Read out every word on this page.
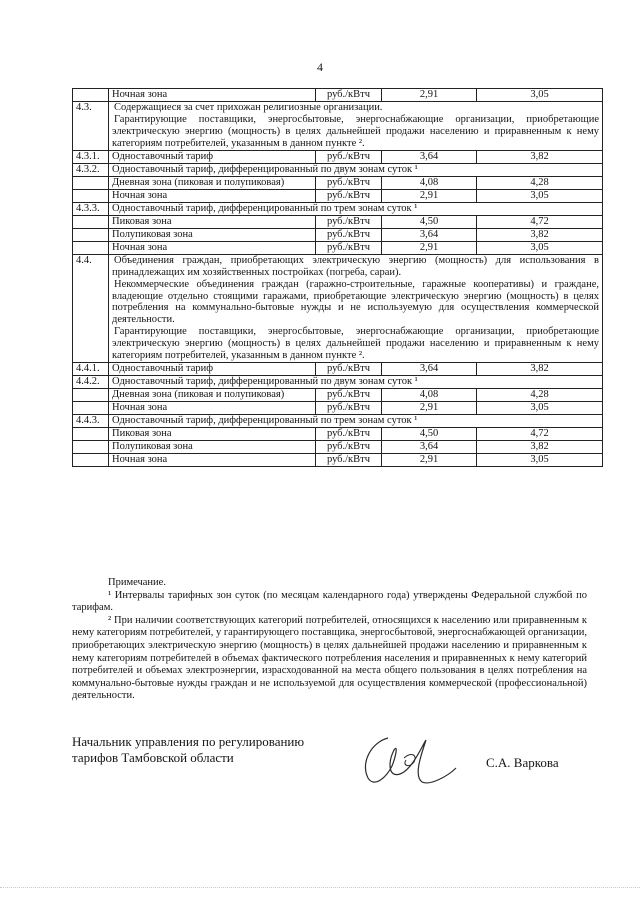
4
	Ночная зона	руб./кВтч	2,91	3,05
4.3.	Содержащиеся за счет прихожан религиозные организации.

Гарантирующие поставщики, энергосбытовые, энергоснабжающие организации, приобретающие электрическую энергию (мощность) в целях дальнейшей продажи населению и приравненным к нему категориям потребителей, указанным в данном пункте ².			

4.3.1.	Одноставочный тариф	руб./кВтч	3,64	3,82
4.3.2.	Одноставочный тариф, дифференцированный по двум зонам суток ¹			
	Дневная зона (пиковая и полупиковая)	руб./кВтч	4,08	4,28
	Ночная зона	руб./кВтч	2,91	3,05
4.3.3.	Одноставочный тариф, дифференцированный по трем зонам суток ¹			
	Пиковая зона	руб./кВтч	4,50	4,72
	Полупиковая зона	руб./кВтч	3,64	3,82
	Ночная зона	руб./кВтч	2,91	3,05
4.4.	Объединения граждан, приобретающих электрическую энергию (мощность) для использования в принадлежащих им хозяйственных постройках (погреба, сараи).

Некоммерческие объединения граждан (гаражно-строительные, гаражные кооперативы) и граждане, владеющие отдельно стоящими гаражами, приобретающие электрическую энергию (мощность) в целях потребления на коммунально-бытовые нужды и не используемую для осуществления коммерческой деятельности.

Гарантирующие поставщики, энергосбытовые, энергоснабжающие организации, приобретающие электрическую энергию (мощность) в целях дальнейшей продажи населению и приравненным к нему категориям потребителей, указанным в данном пункте ².			

4.4.1.	Одноставочный тариф	руб./кВтч	3,64	3,82
4.4.2.	Одноставочный тариф, дифференцированный по двум зонам суток ¹			
	Дневная зона (пиковая и полупиковая)	руб./кВтч	4,08	4,28
	Ночная зона	руб./кВтч	2,91	3,05
4.4.3.	Одноставочный тариф, дифференцированный по трем зонам суток ¹			
	Пиковая зона	руб./кВтч	4,50	4,72
	Полупиковая зона	руб./кВтч	3,64	3,82
	Ночная зона	руб./кВтч	2,91	3,05

Примечание.

¹ Интервалы тарифных зон суток (по месяцам календарного года) утверждены Федеральной службой по тарифам.

² При наличии соответствующих категорий потребителей, относящихся к населению или приравненным к нему категориям потребителей, у гарантирующего поставщика, энергосбытовой, энергоснабжающей организации, приобретающих электрическую энергию (мощность) в целях дальнейшей продажи населению и приравненным к нему категориям потребителей в объемах фактического потребления населения и приравненных к нему категорий потребителей и объемах электроэнергии, израсходованной на места общего пользования в целях потребления на коммунально-бытовые нужды граждан и не используемой для осуществления коммерческой (профессиональной) деятельности.

Начальник управления по регулированию
тарифов Тамбовской области	С.А. Варкова
